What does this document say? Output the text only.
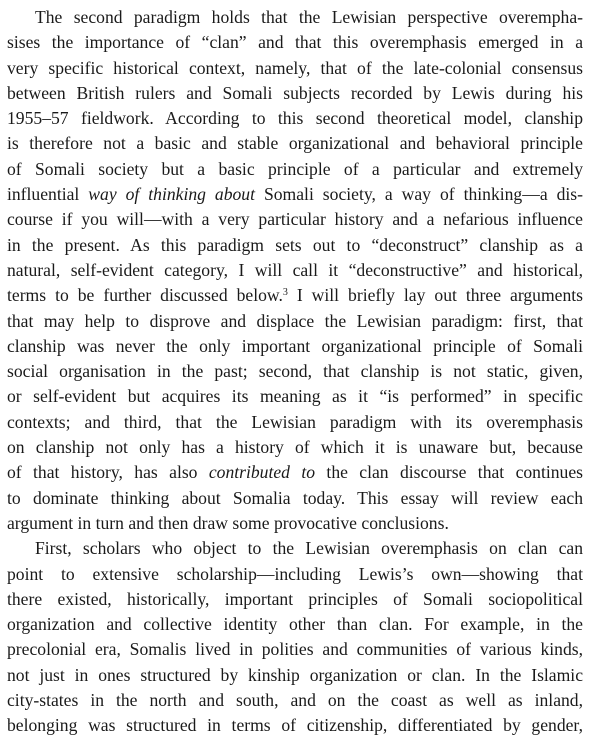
The second paradigm holds that the Lewisian perspective overempha-
sises the importance of “clan” and that this overemphasis emerged in a
very specific historical context, namely, that of the late-colonial consensus
between British rulers and Somali subjects recorded by Lewis during his
1955–57 fieldwork. According to this second theoretical model, clanship
is therefore not a basic and stable organizational and behavioral principle
of Somali society but a basic principle of a particular and extremely
influential way of thinking about Somali society, a way of thinking—a dis-
course if you will—with a very particular history and a nefarious influence
in the present. As this paradigm sets out to “deconstruct” clanship as a
natural, self-evident category, I will call it “deconstructive” and historical,
terms to be further discussed below.$^3$ I will briefly lay out three arguments
that may help to disprove and displace the Lewisian paradigm: first, that
clanship was never the only important organizational principle of Somali
social organisation in the past; second, that clanship is not static, given,
or self-evident but acquires its meaning as it “is performed” in specific
contexts; and third, that the Lewisian paradigm with its overemphasis
on clanship not only has a history of which it is unaware but, because
of that history, has also contributed to the clan discourse that continues
to dominate thinking about Somalia today. This essay will review each
argument in turn and then draw some provocative conclusions.
First, scholars who object to the Lewisian overemphasis on clan can
point to extensive scholarship—including Lewis’s own—showing that
there existed, historically, important principles of Somali sociopolitical
organization and collective identity other than clan. For example, in the
precolonial era, Somalis lived in polities and communities of various kinds,
not just in ones structured by kinship organization or clan. In the Islamic
city-states in the north and south, and on the coast as well as inland,
belonging was structured in terms of citizenship, differentiated by gender,
